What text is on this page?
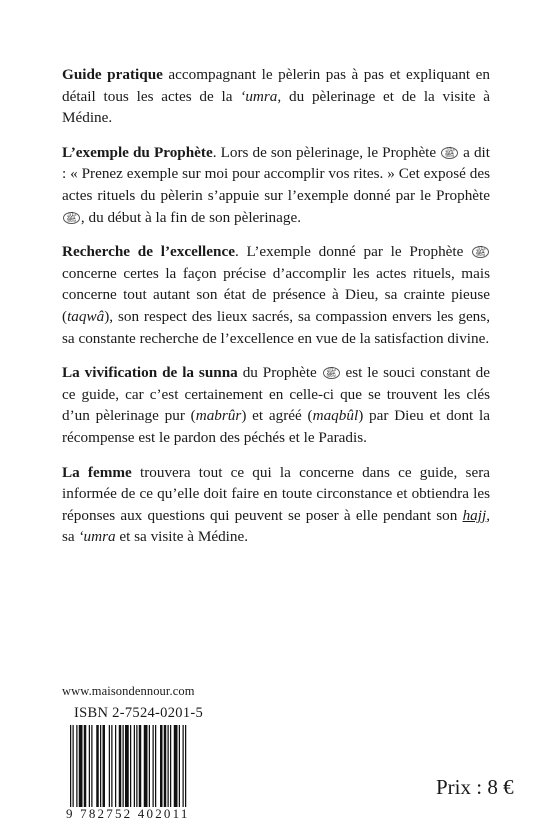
Guide pratique accompagnant le pèlerin pas à pas et expliquant en détail tous les actes de la ‘umra, du pèlerinage et de la visite à Médine.

L’exemple du Prophète. Lors de son pèlerinage, le Prophète ﷺ a dit : « Prenez exemple sur moi pour accomplir vos rites. » Cet exposé des actes rituels du pèlerin s’appuie sur l’exemple donné par le Prophète ﷺ , du début à la fin de son pèlerinage.

Recherche de l’excellence. L’exemple donné par le Prophète ﷺ concerne certes la façon précise d’accomplir les actes rituels, mais concerne tout autant son état de présence à Dieu, sa crainte pieuse (taqwâ), son respect des lieux sacrés, sa compassion envers les gens, sa constante recherche de l’excellence en vue de la satisfaction divine.

La vivification de la sunna du Prophète ﷺ est le souci constant de ce guide, car c’est certainement en celle-ci que se trouvent les clés d’un pèlerinage pur (mabrûr) et agréé (maqbûl) par Dieu et dont la récompense est le pardon des péchés et le Paradis.

La femme trouvera tout ce qui la concerne dans ce guide, sera informée de ce qu’elle doit faire en toute circonstance et obtiendra les réponses aux questions qui peuvent se poser à elle pendant son hajj, sa ‘umra et sa visite à Médine.

www.maisondennour.com
ISBN 2-7524-0201-5
9 782752 402011
Prix : 8 €
